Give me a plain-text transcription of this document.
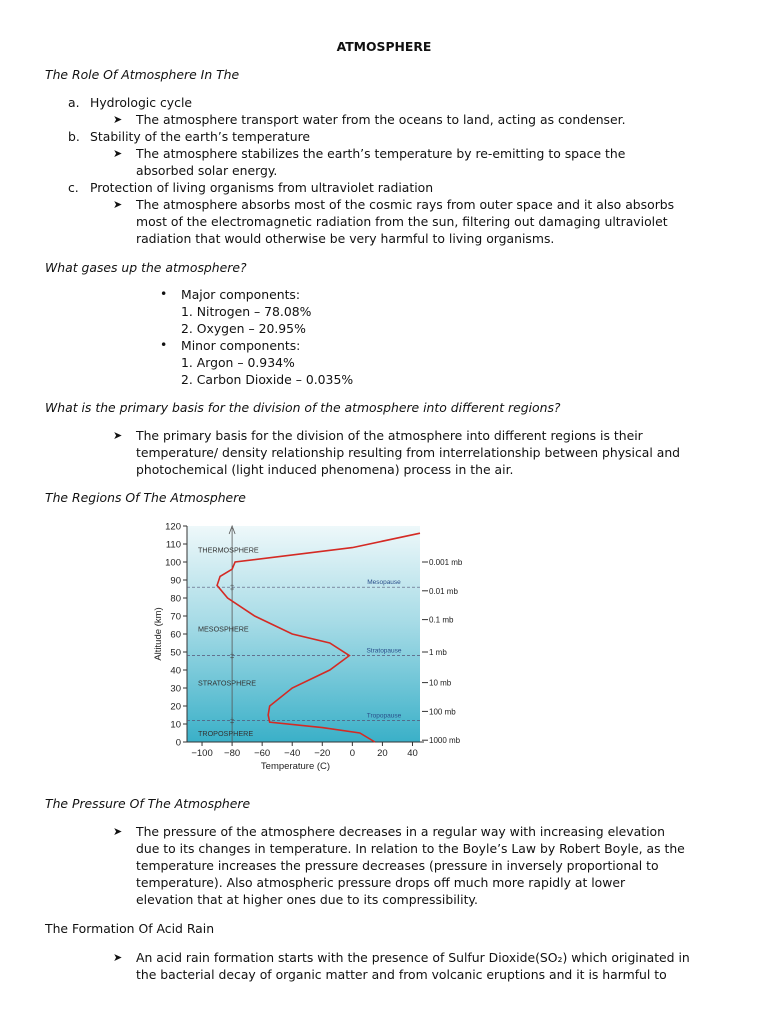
ATMOSPHERE
The Role Of Atmosphere In The
a. Hydrologic cycle
➤ The atmosphere transport water from the oceans to land, acting as condenser.
b. Stability of the earth’s temperature
➤ The atmosphere stabilizes the earth’s temperature by re-emitting to space the
absorbed solar energy.
c. Protection of living organisms from ultraviolet radiation
➤ The atmosphere absorbs most of the cosmic rays from outer space and it also absorbs
most of the electromagnetic radiation from the sun, filtering out damaging ultraviolet
radiation that would otherwise be very harmful to living organisms.
What gases up the atmosphere?
• Major components:
1. Nitrogen – 78.08%
2. Oxygen – 20.95%
• Minor components:
1. Argon – 0.934%
2. Carbon Dioxide – 0.035%
What is the primary basis for the division of the atmosphere into different regions?
➤ The primary basis for the division of the atmosphere into different regions is their
temperature/ density relationship resulting from interrelationship between physical and
photochemical (light induced phenomena) process in the air.
The Regions Of The Atmosphere
0
10
20
30
40
50
60
70
80
90
100
110
120
−100 −80 −60 −40 −20 0 20 40
Temperature (C)
Altitude (km)
Mesopause
‡
Stratopause
‡
Tropopause
‡
THERMOSPHERE
MESOSPHERE
STRATOSPHERE
TROPOSPHERE
0.001 mb
0.01 mb
0.1 mb
1 mb
10 mb
100 mb
1000 mb
The Pressure Of The Atmosphere
➤ The pressure of the atmosphere decreases in a regular way with increasing elevation
due to its changes in temperature. In relation to the Boyle’s Law by Robert Boyle, as the
temperature increases the pressure decreases (pressure in inversely proportional to
temperature). Also atmospheric pressure drops off much more rapidly at lower
elevation that at higher ones due to its compressibility.
The Formation Of Acid Rain
➤ An acid rain formation starts with the presence of Sulfur Dioxide(SO₂) which originated in
the bacterial decay of organic matter and from volcanic eruptions and it is harmful to
